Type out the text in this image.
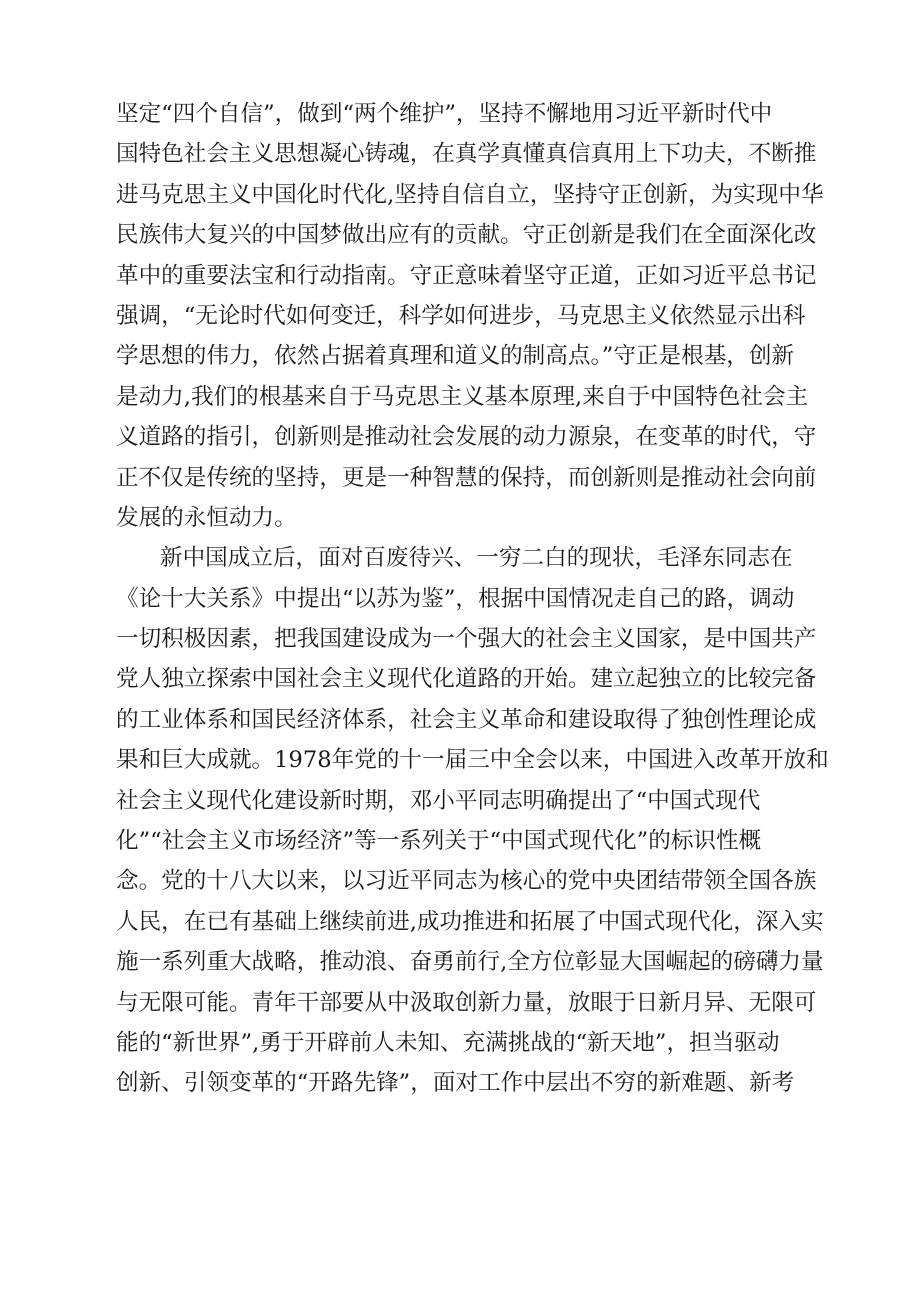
坚定“四个自信”，做到“两个维护”，坚持不懈地用习近平新时代中
国特色社会主义思想凝心铸魂，在真学真懂真信真用上下功夫，不断推
进马克思主义中国化时代化,坚持自信自立，坚持守正创新，为实现中华
民族伟大复兴的中国梦做出应有的贡献。守正创新是我们在全面深化改
革中的重要法宝和行动指南。守正意味着坚守正道，正如习近平总书记
强调，“无论时代如何变迁，科学如何进步，马克思主义依然显示出科
学思想的伟力，依然占据着真理和道义的制高点。”守正是根基，创新
是动力,我们的根基来自于马克思主义基本原理,来自于中国特色社会主
义道路的指引，创新则是推动社会发展的动力源泉，在变革的时代，守
正不仅是传统的坚持，更是一种智慧的保持，而创新则是推动社会向前
发展的永恒动力。
新中国成立后，面对百废待兴、一穷二白的现状，毛泽东同志在
《论十大关系》中提出“以苏为鉴”，根据中国情况走自己的路，调动
一切积极因素，把我国建设成为一个强大的社会主义国家，是中国共产
党人独立探索中国社会主义现代化道路的开始。建立起独立的比较完备
的工业体系和国民经济体系，社会主义革命和建设取得了独创性理论成
果和巨大成就。1978年党的十一届三中全会以来，中国进入改革开放和
社会主义现代化建设新时期，邓小平同志明确提出了“中国式现代
化”“社会主义市场经济”等一系列关于“中国式现代化”的标识性概
念。党的十八大以来，以习近平同志为核心的党中央团结带领全国各族
人民，在已有基础上继续前进,成功推进和拓展了中国式现代化，深入实
施一系列重大战略，推动浪、奋勇前行,全方位彰显大国崛起的磅礴力量
与无限可能。青年干部要从中汲取创新力量，放眼于日新月异、无限可
能的“新世界”,勇于开辟前人未知、充满挑战的“新天地”，担当驱动
创新、引领变革的“开路先锋”，面对工作中层出不穷的新难题、新考
